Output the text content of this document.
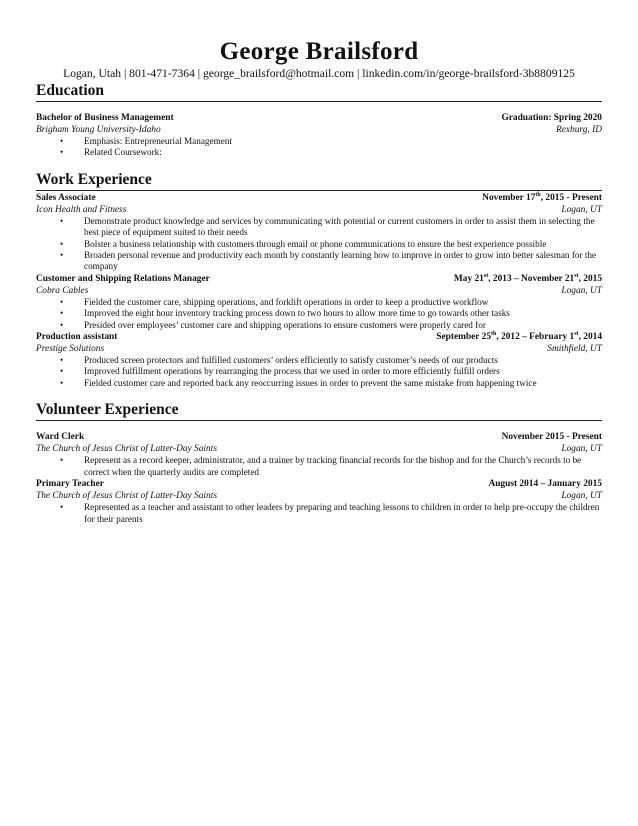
George Brailsford
Logan, Utah | 801-471-7364 | george_brailsford@hotmail.com | linkedin.com/in/george-brailsford-3b8809125
Education
Bachelor of Business Management	Graduation: Spring 2020
Brigham Young University-Idaho	Rexburg, ID
• Emphasis: Entrepreneurial Management
• Related Coursework:
Work Experience
Sales Associate	November 17th, 2015 - Present
Icon Health and Fitness	Logan, UT
• Demonstrate product knowledge and services by communicating with potential or current customers in order to assist them in selecting the best piece of equipment suited to their needs
• Bolster a business relationship with customers through email or phone communications to ensure the best experience possible
• Broaden personal revenue and productivity each month by constantly learning how to improve in order to grow into better salesman for the company
Customer and Shipping Relations Manager	May 21st, 2013 – November 21st, 2015
Cobra Cables	Logan, UT
• Fielded the customer care, shipping operations, and forklift operations in order to keep a productive workflow
• Improved the eight hour inventory tracking process down to two hours to allow more time to go towards other tasks
• Presided over employees’ customer care and shipping operations to ensure customers were properly cared for
Production assistant	September 25th, 2012 – February 1st, 2014
Prestige Solutions	Smithfield, UT
• Produced screen protectors and fulfilled customers’ orders efficiently to satisfy customer’s needs of our products
• Improved fulfillment operations by rearranging the process that we used in order to more efficiently fulfill orders
• Fielded customer care and reported back any reoccurring issues in order to prevent the same mistake from happening twice
Volunteer Experience
Ward Clerk	November 2015 - Present
The Church of Jesus Christ of Latter-Day Saints	Logan, UT
• Represent as a record keeper, administrator, and a trainer by tracking financial records for the bishop and for the Church’s records to be correct when the quarterly audits are completed
Primary Teacher	August 2014 – January 2015
The Church of Jesus Christ of Latter-Day Saints	Logan, UT
• Represented as a teacher and assistant to other leaders by preparing and teaching lessons to children in order to help pre-occupy the children for their parents
